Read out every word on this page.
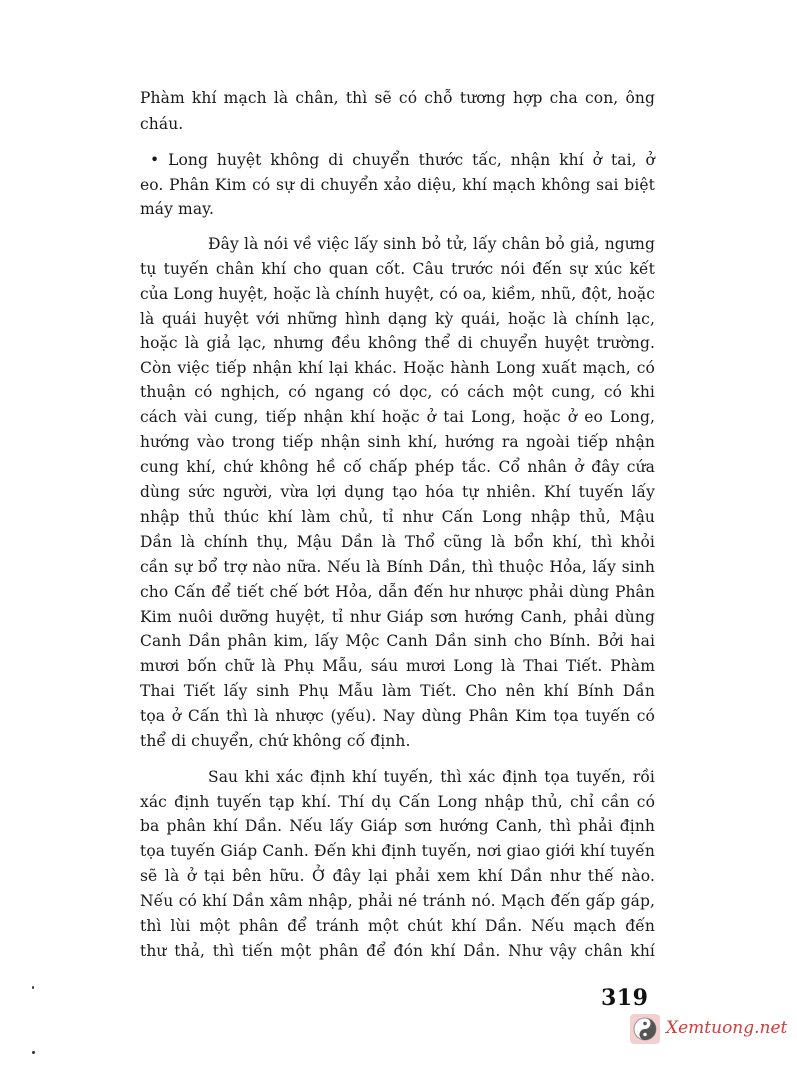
Phàm khí mạch là chân, thì sẽ có chỗ tương hợp cha con, ông
cháu.
• Long huyệt không di chuyển thước tấc, nhận khí ở tai, ở
eo. Phân Kim có sự di chuyển xảo diệu, khí mạch không sai biệt
máy may.
Đây là nói về việc lấy sinh bỏ tử, lấy chân bỏ giả, ngưng
tụ tuyến chân khí cho quan cốt. Câu trước nói đến sự xúc kết
của Long huyệt, hoặc là chính huyệt, có oa, kiềm, nhũ, đột, hoặc
là quái huyệt với những hình dạng kỳ quái, hoặc là chính lạc,
hoặc là giả lạc, nhưng đều không thể di chuyển huyệt trường.
Còn việc tiếp nhận khí lại khác. Hoặc hành Long xuất mạch, có
thuận có nghịch, có ngang có dọc, có cách một cung, có khi
cách vài cung, tiếp nhận khí hoặc ở tai Long, hoặc ở eo Long,
hướng vào trong tiếp nhận sinh khí, hướng ra ngoài tiếp nhận
cung khí, chứ không hề cố chấp phép tắc. Cổ nhân ở đây cứa
dùng sức người, vừa lợi dụng tạo hóa tự nhiên. Khí tuyến lấy
nhập thủ thúc khí làm chủ, tỉ như Cấn Long nhập thủ, Mậu
Dần là chính thụ, Mậu Dần là Thổ cũng là bổn khí, thì khỏi
cần sự bổ trợ nào nữa. Nếu là Bính Dần, thì thuộc Hỏa, lấy sinh
cho Cấn để tiết chế bớt Hỏa, dẫn đến hư nhược phải dùng Phân
Kim nuôi dưỡng huyệt, tỉ như Giáp sơn hướng Canh, phải dùng
Canh Dần phân kim, lấy Mộc Canh Dần sinh cho Bính. Bởi hai
mươi bốn chữ là Phụ Mẫu, sáu mươi Long là Thai Tiết. Phàm
Thai Tiết lấy sinh Phụ Mẫu làm Tiết. Cho nên khí Bính Dần
tọa ở Cấn thì là nhược (yếu). Nay dùng Phân Kim tọa tuyến có
thể di chuyển, chứ không cố định.
Sau khi xác định khí tuyến, thì xác định tọa tuyến, rồi
xác định tuyến tạp khí. Thí dụ Cấn Long nhập thủ, chỉ cần có
ba phân khí Dần. Nếu lấy Giáp sơn hướng Canh, thì phải định
tọa tuyến Giáp Canh. Đến khi định tuyến, nơi giao giới khí tuyến
sẽ là ở tại bên hữu. Ở đây lại phải xem khí Dần như thế nào.
Nếu có khí Dần xâm nhập, phải né tránh nó. Mạch đến gấp gáp,
thì lùi một phân để tránh một chút khí Dần. Nếu mạch đến
thư thả, thì tiến một phân để đón khí Dần. Như vậy chân khí
319
Xemtuong.net
